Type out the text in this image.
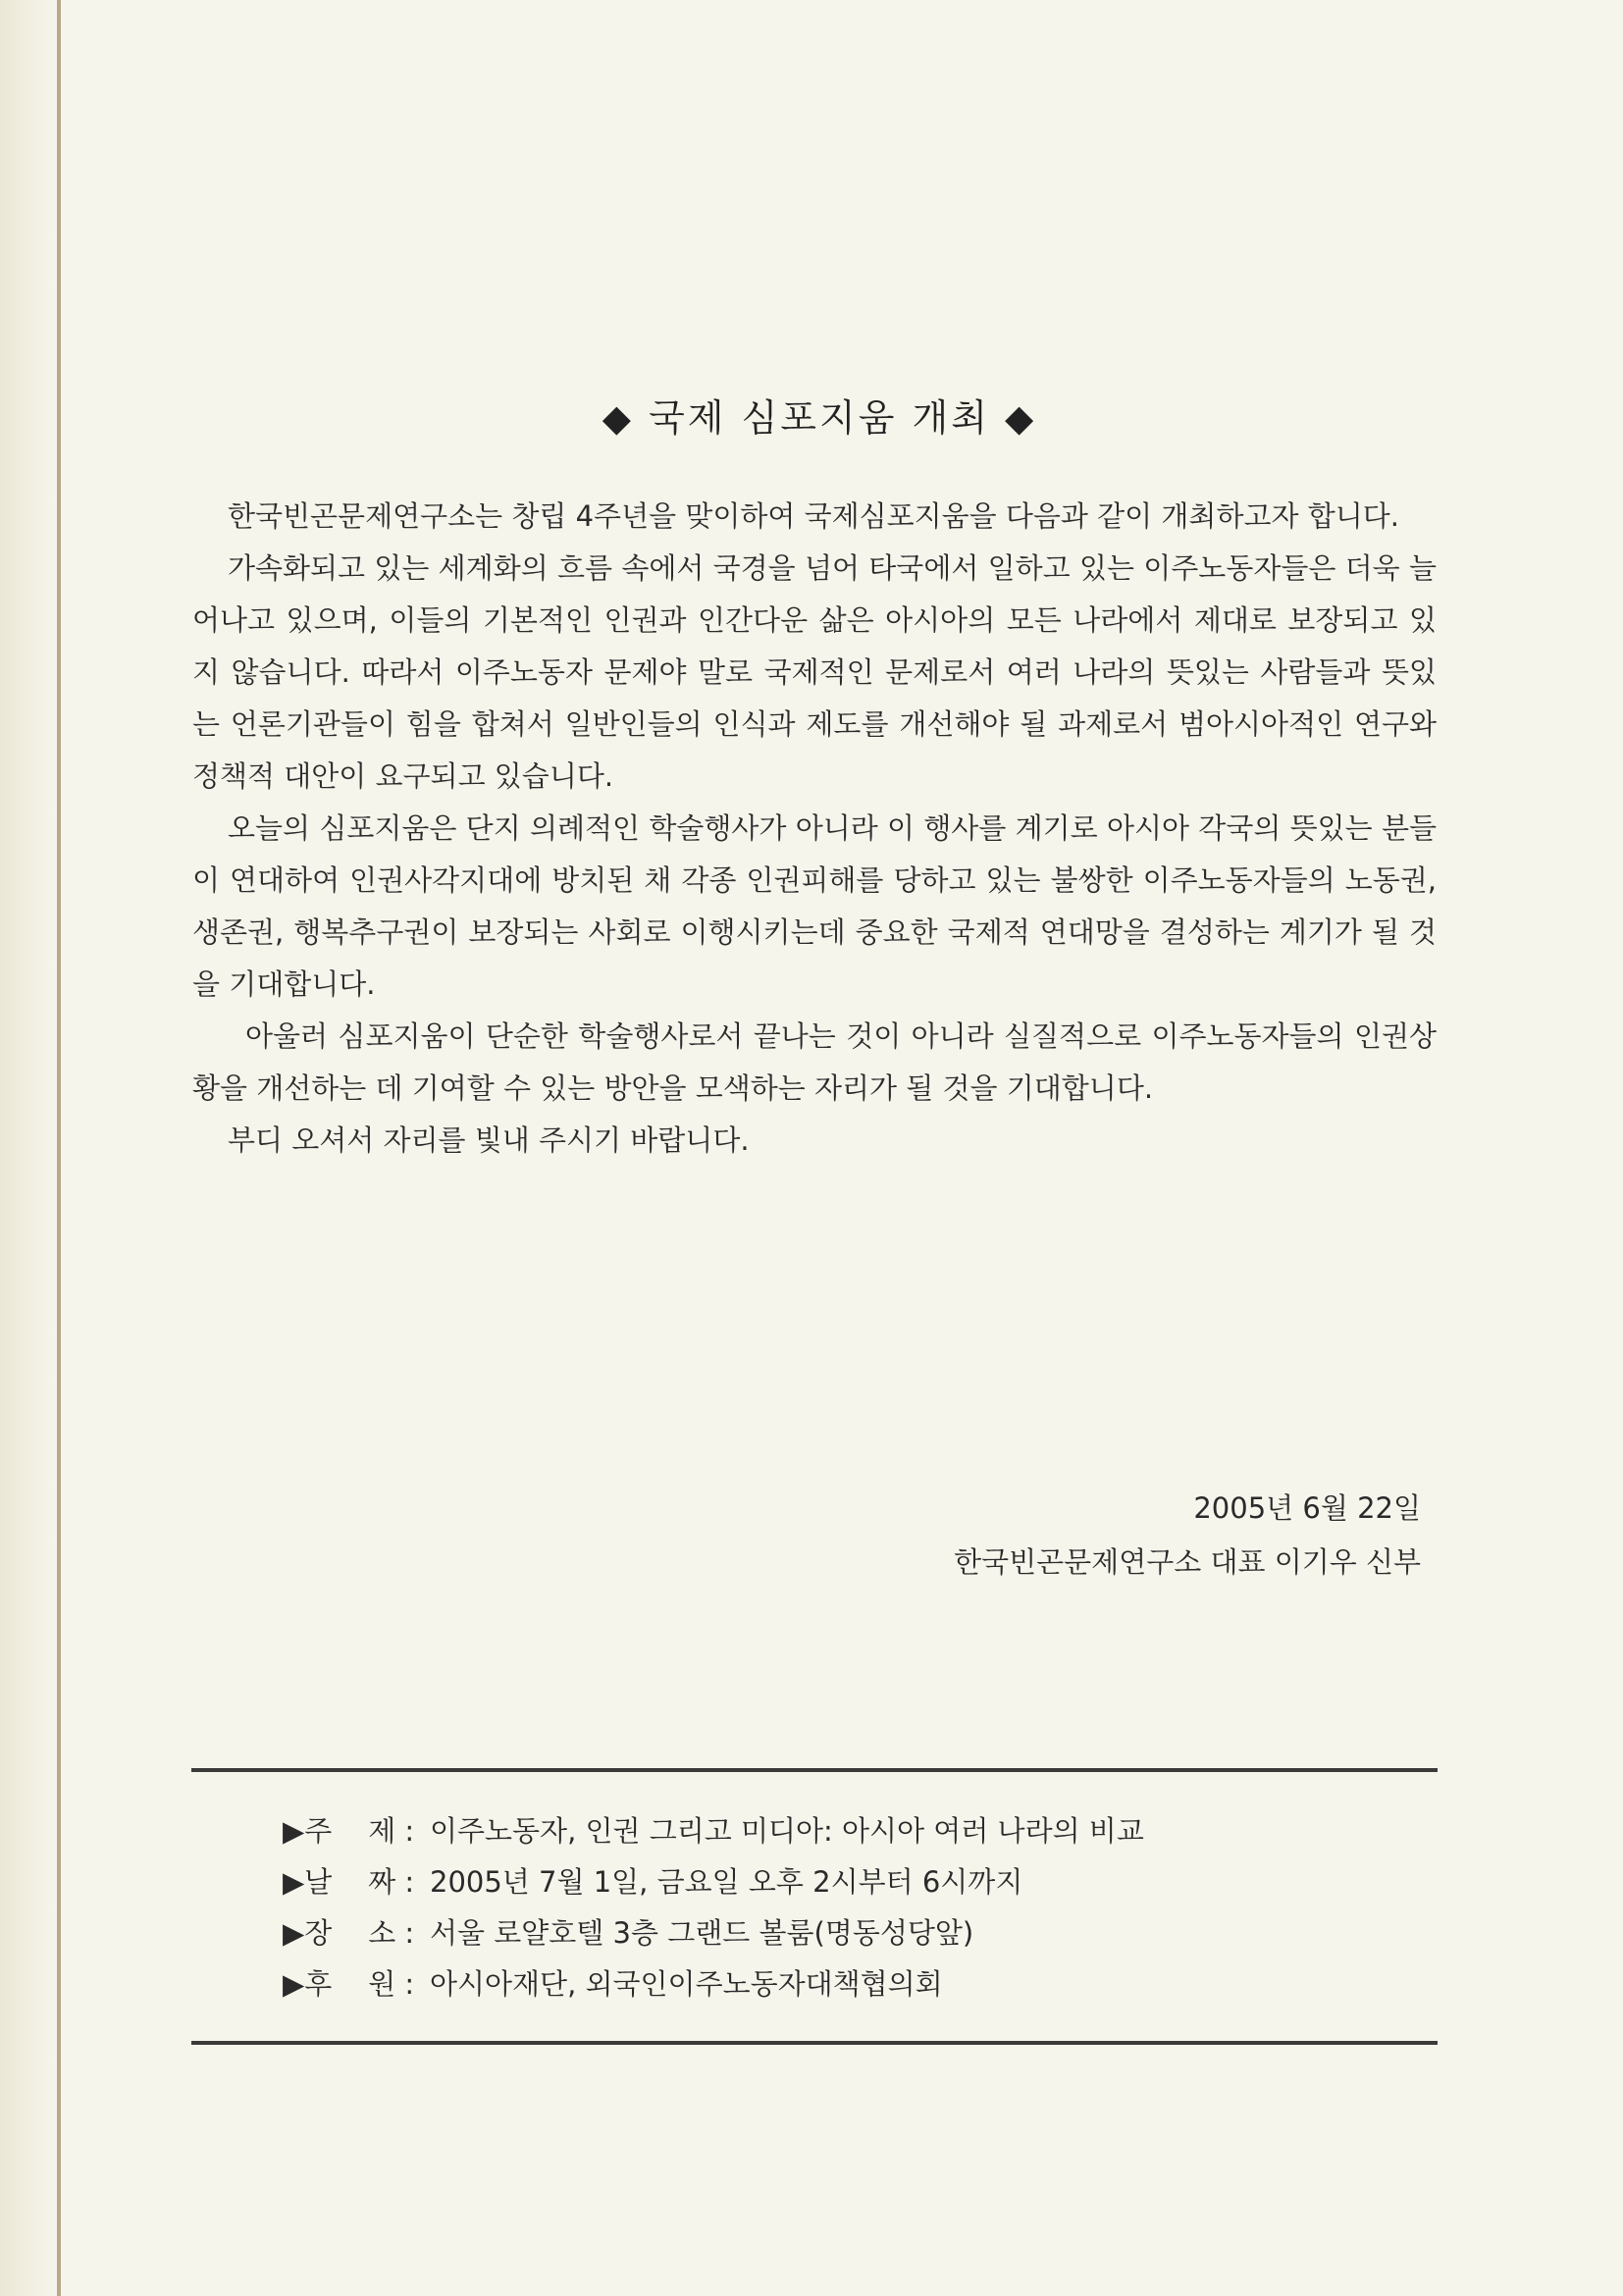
◆ 국제 심포지움 개최 ◆

한국빈곤문제연구소는 창립 4주년을 맞이하여 국제심포지움을 다음과 같이 개최하고자 합니다.

가속화되고 있는 세계화의 흐름 속에서 국경을 넘어 타국에서 일하고 있는 이주노동자들은 더욱 늘어나고 있으며, 이들의 기본적인 인권과 인간다운 삶은 아시아의 모든 나라에서 제대로 보장되고 있지 않습니다. 따라서 이주노동자 문제야 말로 국제적인 문제로서 여러 나라의 뜻있는 사람들과 뜻있는 언론기관들이 힘을 합쳐서 일반인들의 인식과 제도를 개선해야 될 과제로서 범아시아적인 연구와 정책적 대안이 요구되고 있습니다.

오늘의 심포지움은 단지 의례적인 학술행사가 아니라 이 행사를 계기로 아시아 각국의 뜻있는 분들이 연대하여 인권사각지대에 방치된 채 각종 인권피해를 당하고 있는 불쌍한 이주노동자들의 노동권, 생존권, 행복추구권이 보장되는 사회로 이행시키는데 중요한 국제적 연대망을 결성하는 계기가 될 것을 기대합니다.

아울러 심포지움이 단순한 학술행사로서 끝나는 것이 아니라 실질적으로 이주노동자들의 인권상황을 개선하는 데 기여할 수 있는 방안을 모색하는 자리가 될 것을 기대합니다.

부디 오셔서 자리를 빛내 주시기 바랍니다.

2005년 6월 22일
한국빈곤문제연구소 대표 이기우 신부
▶주    제 : 이주노동자, 인권 그리고 미디아: 아시아 여러 나라의 비교
▶날    짜 : 2005년 7월 1일, 금요일 오후 2시부터 6시까지
▶장    소 : 서울 로얄호텔 3층 그랜드 볼룸(명동성당앞)
▶후    원 : 아시아재단, 외국인이주노동자대책협의회
